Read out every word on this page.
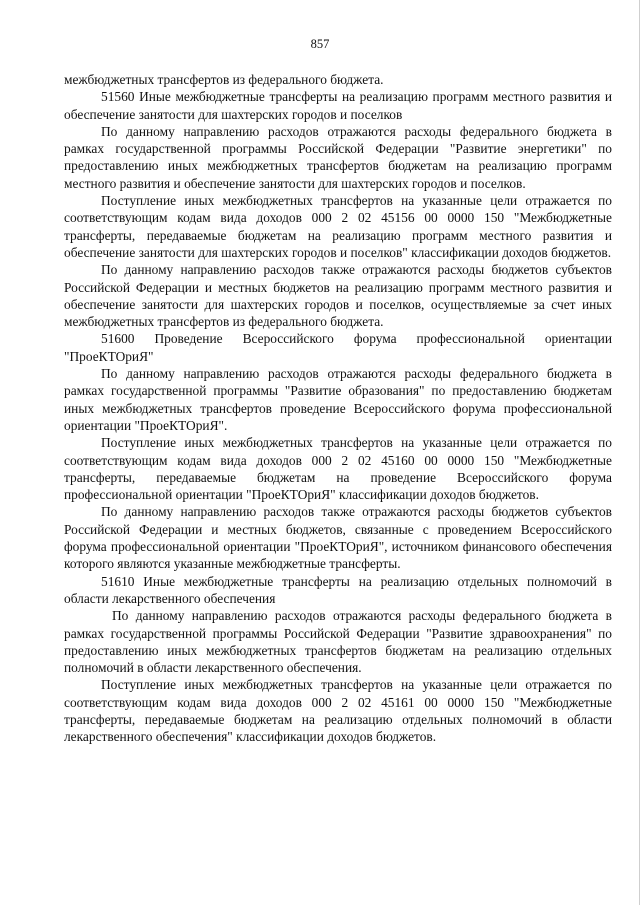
857

межбюджетных трансфертов из федерального бюджета.

51560 Иные межбюджетные трансферты на реализацию программ местного развития и обеспечение занятости для шахтерских городов и поселков

По данному направлению расходов отражаются расходы федерального бюджета в рамках государственной программы Российской Федерации "Развитие энергетики" по предоставлению иных межбюджетных трансфертов бюджетам на реализацию программ местного развития и обеспечение занятости для шахтерских городов и поселков.

Поступление иных межбюджетных трансфертов на указанные цели отражается по соответствующим кодам вида доходов 000 2 02 45156 00 0000 150 "Межбюджетные трансферты, передаваемые бюджетам на реализацию программ местного развития и обеспечение занятости для шахтерских городов и поселков" классификации доходов бюджетов.

По данному направлению расходов также отражаются расходы бюджетов субъектов Российской Федерации и местных бюджетов на реализацию программ местного развития и обеспечение занятости для шахтерских городов и поселков, осуществляемые за счет иных межбюджетных трансфертов из федерального бюджета.

51600 Проведение Всероссийского форума профессиональной ориентации "ПроеКТОриЯ"

По данному направлению расходов отражаются расходы федерального бюджета в рамках государственной программы "Развитие образования" по предоставлению бюджетам иных межбюджетных трансфертов проведение Всероссийского форума профессиональной ориентации "ПроеКТОриЯ".

Поступление иных межбюджетных трансфертов на указанные цели отражается по соответствующим кодам вида доходов 000 2 02 45160 00 0000 150 "Межбюджетные трансферты, передаваемые бюджетам на проведение Всероссийского форума профессиональной ориентации "ПроеКТОриЯ" классификации доходов бюджетов.

По данному направлению расходов также отражаются расходы бюджетов субъектов Российской Федерации и местных бюджетов, связанные с проведением Всероссийского форума профессиональной ориентации "ПроеКТОриЯ", источником финансового обеспечения которого являются указанные межбюджетные трансферты.

51610 Иные межбюджетные трансферты на реализацию отдельных полномочий в области лекарственного обеспечения

По данному направлению расходов отражаются расходы федерального бюджета в рамках государственной программы Российской Федерации "Развитие здравоохранения" по предоставлению иных межбюджетных трансфертов бюджетам на реализацию отдельных полномочий в области лекарственного обеспечения.

Поступление иных межбюджетных трансфертов на указанные цели отражается по соответствующим кодам вида доходов 000 2 02 45161 00 0000 150 "Межбюджетные трансферты, передаваемые бюджетам на реализацию отдельных полномочий в области лекарственного обеспечения" классификации доходов бюджетов.
